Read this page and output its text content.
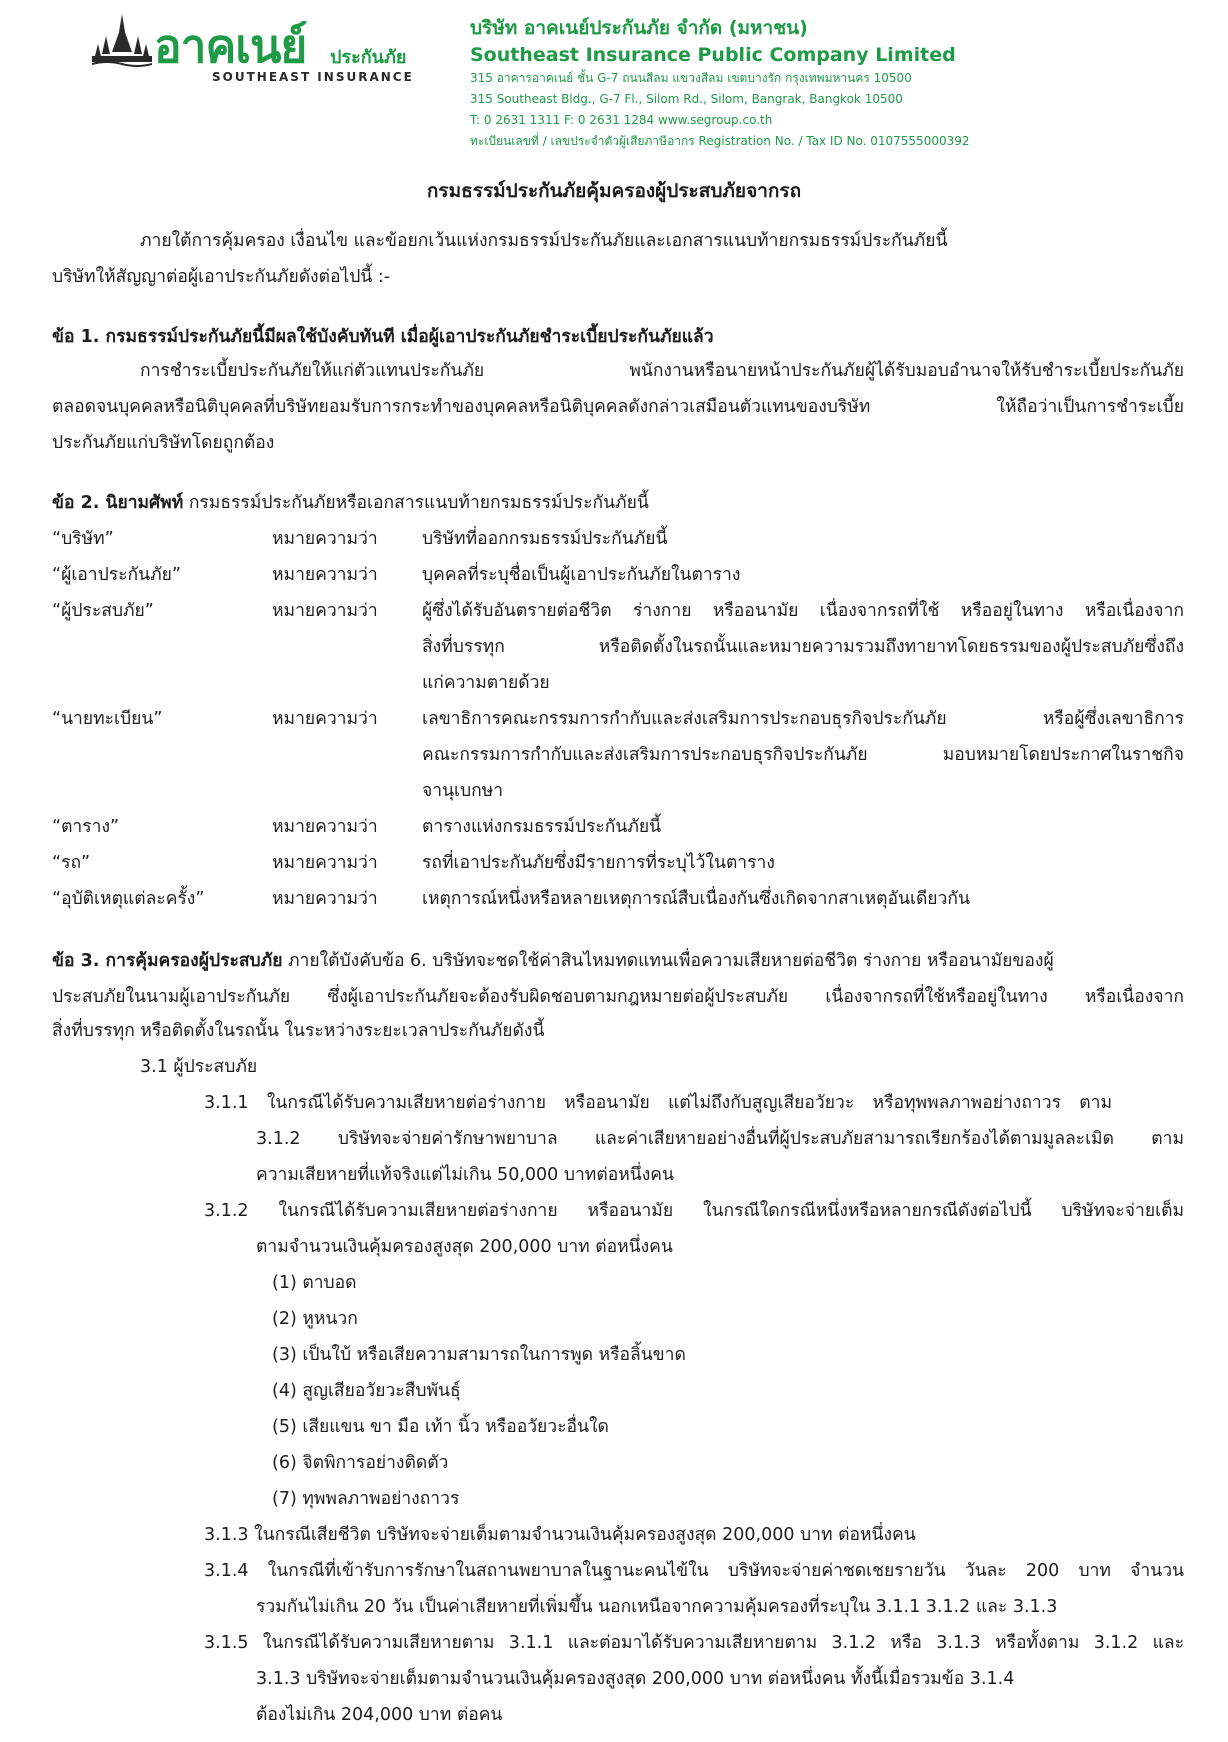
อาคเนย์ ประกันภัย
SOUTHEAST INSURANCE
บริษัท อาคเนย์ประกันภัย จำกัด (มหาชน)
Southeast Insurance Public Company Limited
315 อาคารอาคเนย์ ชั้น G-7 ถนนสีลม แขวงสีลม เขตบางรัก กรุงเทพมหานคร 10500
315 Southeast Bldg., G-7 Fl., Silom Rd., Silom, Bangrak, Bangkok 10500
T: 0 2631 1311 F: 0 2631 1284 www.segroup.co.th
ทะเบียนเลขที่ / เลขประจำตัวผู้เสียภาษีอากร Registration No. / Tax ID No. 0107555000392
กรมธรรม์ประกันภัยคุ้มครองผู้ประสบภัยจากรถ
ภายใต้การคุ้มครอง เงื่อนไข และข้อยกเว้นแห่งกรมธรรม์ประกันภัยและเอกสารแนบท้ายกรมธรรม์ประกันภัยนี้
บริษัทให้สัญญาต่อผู้เอาประกันภัยดังต่อไปนี้ :-
ข้อ 1. กรมธรรม์ประกันภัยนี้มีผลใช้บังคับทันที เมื่อผู้เอาประกันภัยชำระเบี้ยประกันภัยแล้ว
การชำระเบี้ยประกันภัยให้แก่ตัวแทนประกันภัย พนักงานหรือนายหน้าประกันภัยผู้ได้รับมอบอำนาจให้รับชำระเบี้ยประกันภัย
ตลอดจนบุคคลหรือนิติบุคคลที่บริษัทยอมรับการกระทำของบุคคลหรือนิติบุคคลดังกล่าวเสมือนตัวแทนของบริษัท ให้ถือว่าเป็นการชำระเบี้ย
ประกันภัยแก่บริษัทโดยถูกต้อง
ข้อ 2. นิยามศัพท์ กรมธรรม์ประกันภัยหรือเอกสารแนบท้ายกรมธรรม์ประกันภัยนี้
“บริษัท”	หมายความว่า	บริษัทที่ออกกรมธรรม์ประกันภัยนี้
“ผู้เอาประกันภัย”	หมายความว่า	บุคคลที่ระบุชื่อเป็นผู้เอาประกันภัยในตาราง
“ผู้ประสบภัย”	หมายความว่า	ผู้ซึ่งได้รับอันตรายต่อชีวิต ร่างกาย หรืออนามัย เนื่องจากรถที่ใช้ หรืออยู่ในทาง หรือเนื่องจาก
สิ่งที่บรรทุก หรือติดตั้งในรถนั้นและหมายความรวมถึงทายาทโดยธรรมของผู้ประสบภัยซึ่งถึง
แก่ความตายด้วย
“นายทะเบียน”	หมายความว่า	เลขาธิการคณะกรรมการกำกับและส่งเสริมการประกอบธุรกิจประกันภัย หรือผู้ซึ่งเลขาธิการ
คณะกรรมการกำกับและส่งเสริมการประกอบธุรกิจประกันภัย มอบหมายโดยประกาศในราชกิจ
จานุเบกษา
“ตาราง”	หมายความว่า	ตารางแห่งกรมธรรม์ประกันภัยนี้
“รถ”	หมายความว่า	รถที่เอาประกันภัยซึ่งมีรายการที่ระบุไว้ในตาราง
“อุบัติเหตุแต่ละครั้ง”	หมายความว่า	เหตุการณ์หนึ่งหรือหลายเหตุการณ์สืบเนื่องกันซึ่งเกิดจากสาเหตุอันเดียวกัน
ข้อ 3. การคุ้มครองผู้ประสบภัย ภายใต้บังคับข้อ 6. บริษัทจะชดใช้ค่าสินไหมทดแทนเพื่อความเสียหายต่อชีวิต ร่างกาย หรืออนามัยของผู้
ประสบภัยในนามผู้เอาประกันภัย ซึ่งผู้เอาประกันภัยจะต้องรับผิดชอบตามกฎหมายต่อผู้ประสบภัย เนื่องจากรถที่ใช้หรืออยู่ในทาง หรือเนื่องจาก
สิ่งที่บรรทุก หรือติดตั้งในรถนั้น ในระหว่างระยะเวลาประกันภัยดังนี้
3.1 ผู้ประสบภัย
3.1.1 ในกรณีได้รับความเสียหายต่อร่างกาย หรืออนามัย แต่ไม่ถึงกับสูญเสียอวัยวะ หรือทุพพลภาพอย่างถาวร ตาม
3.1.2 บริษัทจะจ่ายค่ารักษาพยาบาล และค่าเสียหายอย่างอื่นที่ผู้ประสบภัยสามารถเรียกร้องได้ตามมูลละเมิด ตาม
ความเสียหายที่แท้จริงแต่ไม่เกิน 50,000 บาทต่อหนึ่งคน
3.1.2 ในกรณีได้รับความเสียหายต่อร่างกาย หรืออนามัย ในกรณีใดกรณีหนึ่งหรือหลายกรณีดังต่อไปนี้ บริษัทจะจ่ายเต็ม
ตามจำนวนเงินคุ้มครองสูงสุด 200,000 บาท ต่อหนึ่งคน
(1) ตาบอด
(2) หูหนวก
(3) เป็นใบ้ หรือเสียความสามารถในการพูด หรือลิ้นขาด
(4) สูญเสียอวัยวะสืบพันธุ์
(5) เสียแขน ขา มือ เท้า นิ้ว หรืออวัยวะอื่นใด
(6) จิตพิการอย่างติดตัว
(7) ทุพพลภาพอย่างถาวร
3.1.3 ในกรณีเสียชีวิต บริษัทจะจ่ายเต็มตามจำนวนเงินคุ้มครองสูงสุด 200,000 บาท ต่อหนึ่งคน
3.1.4 ในกรณีที่เข้ารับการรักษาในสถานพยาบาลในฐานะคนไข้ใน บริษัทจะจ่ายค่าชดเชยรายวัน วันละ 200 บาท จำนวน
รวมกันไม่เกิน 20 วัน เป็นค่าเสียหายที่เพิ่มขึ้น นอกเหนือจากความคุ้มครองที่ระบุใน 3.1.1 3.1.2 และ 3.1.3
3.1.5 ในกรณีได้รับความเสียหายตาม 3.1.1 และต่อมาได้รับความเสียหายตาม 3.1.2 หรือ 3.1.3 หรือทั้งตาม 3.1.2 และ
3.1.3 บริษัทจะจ่ายเต็มตามจำนวนเงินคุ้มครองสูงสุด 200,000 บาท ต่อหนึ่งคน ทั้งนี้เมื่อรวมข้อ 3.1.4
ต้องไม่เกิน 204,000 บาท ต่อคน
